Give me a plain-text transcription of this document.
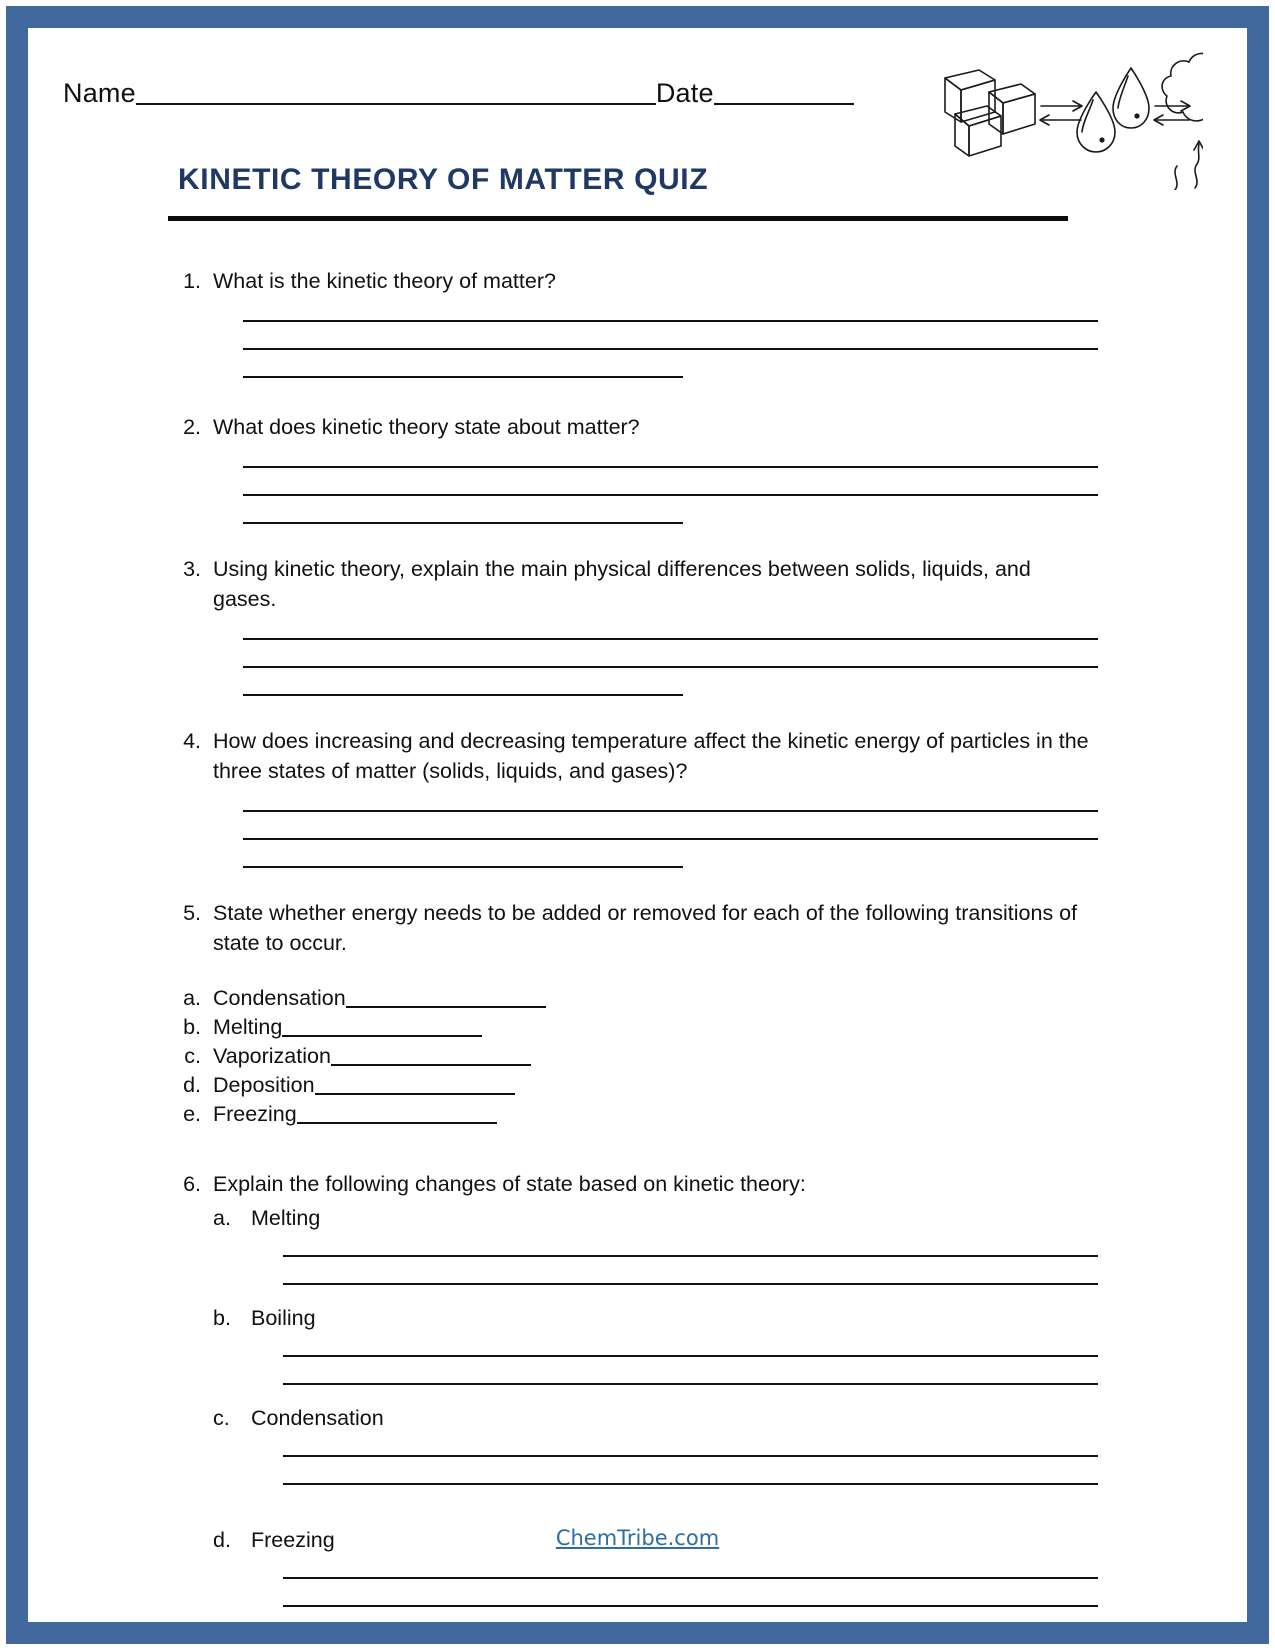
Name	Date
KINETIC THEORY OF MATTER QUIZ
1. What is the kinetic theory of matter?
2. What does kinetic theory state about matter?
3. Using kinetic theory, explain the main physical differences between solids, liquids, and gases.
4. How does increasing and decreasing temperature affect the kinetic energy of particles in the three states of matter (solids, liquids, and gases)?
5. State whether energy needs to be added or removed for each of the following transitions of state to occur.
a. Condensation
b. Melting
c. Vaporization
d. Deposition
e. Freezing
6. Explain the following changes of state based on kinetic theory:
a. Melting
b. Boiling
c. Condensation
d. Freezing	ChemTribe.com
